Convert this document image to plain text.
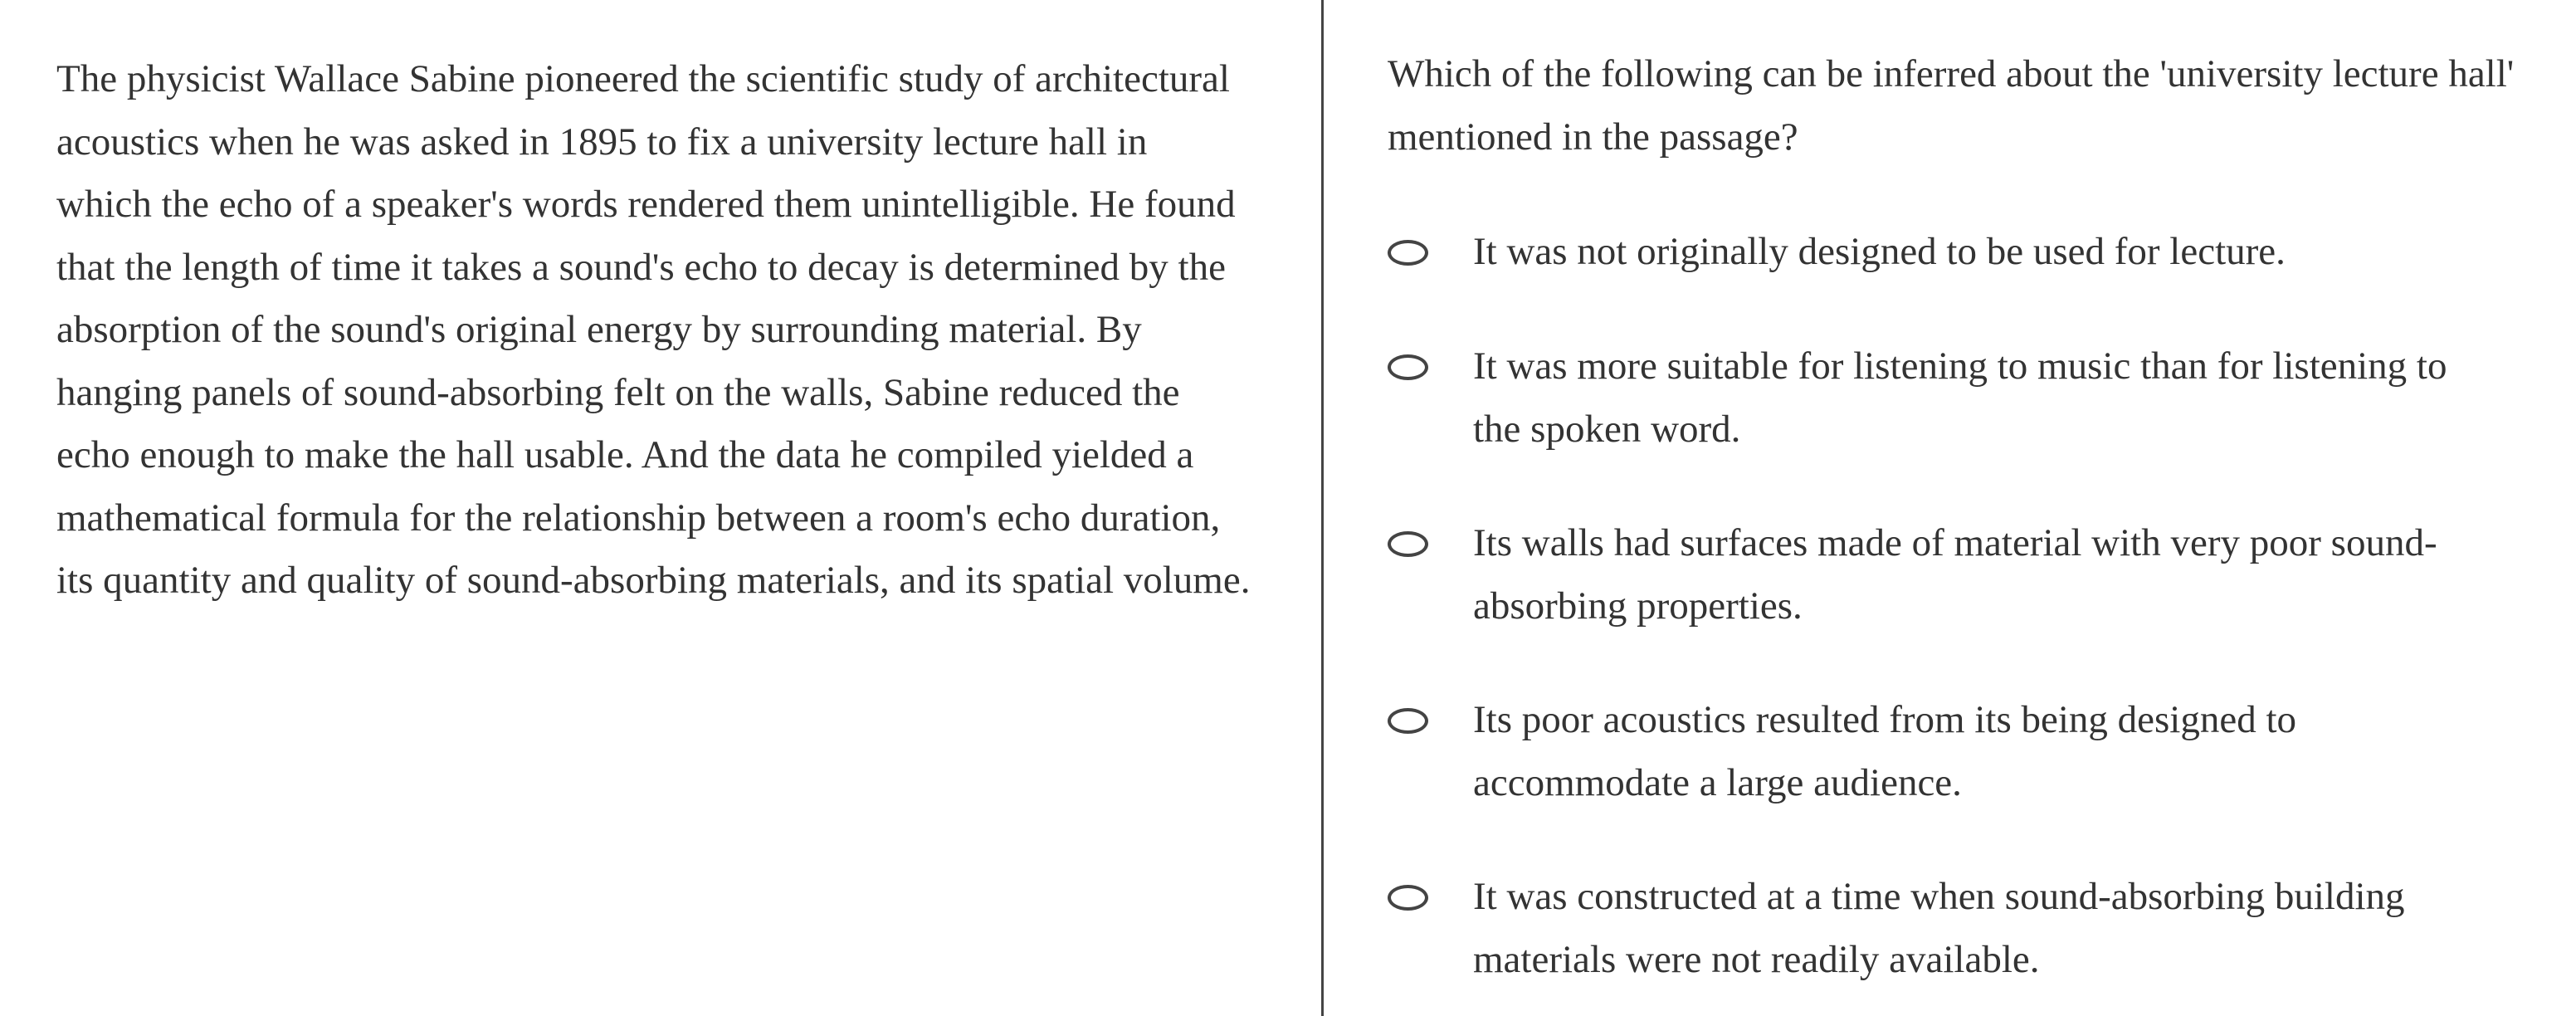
The physicist Wallace Sabine pioneered the scientific study of architectural acoustics when he was asked in 1895 to fix a university lecture hall in which the echo of a speaker's words rendered them unintelligible. He found that the length of time it takes a sound's echo to decay is determined by the absorption of the sound's original energy by surrounding material. By hanging panels of sound-absorbing felt on the walls, Sabine reduced the echo enough to make the hall usable. And the data he compiled yielded a mathematical formula for the relationship between a room's echo duration, its quantity and quality of sound-absorbing materials, and its spatial volume.

Which of the following can be inferred about the 'university lecture hall' mentioned in the passage?

It was not originally designed to be used for lecture.
It was more suitable for listening to music than for listening to the spoken word.
Its walls had surfaces made of material with very poor sound-absorbing properties.
Its poor acoustics resulted from its being designed to accommodate a large audience.
It was constructed at a time when sound-absorbing building materials were not readily available.
